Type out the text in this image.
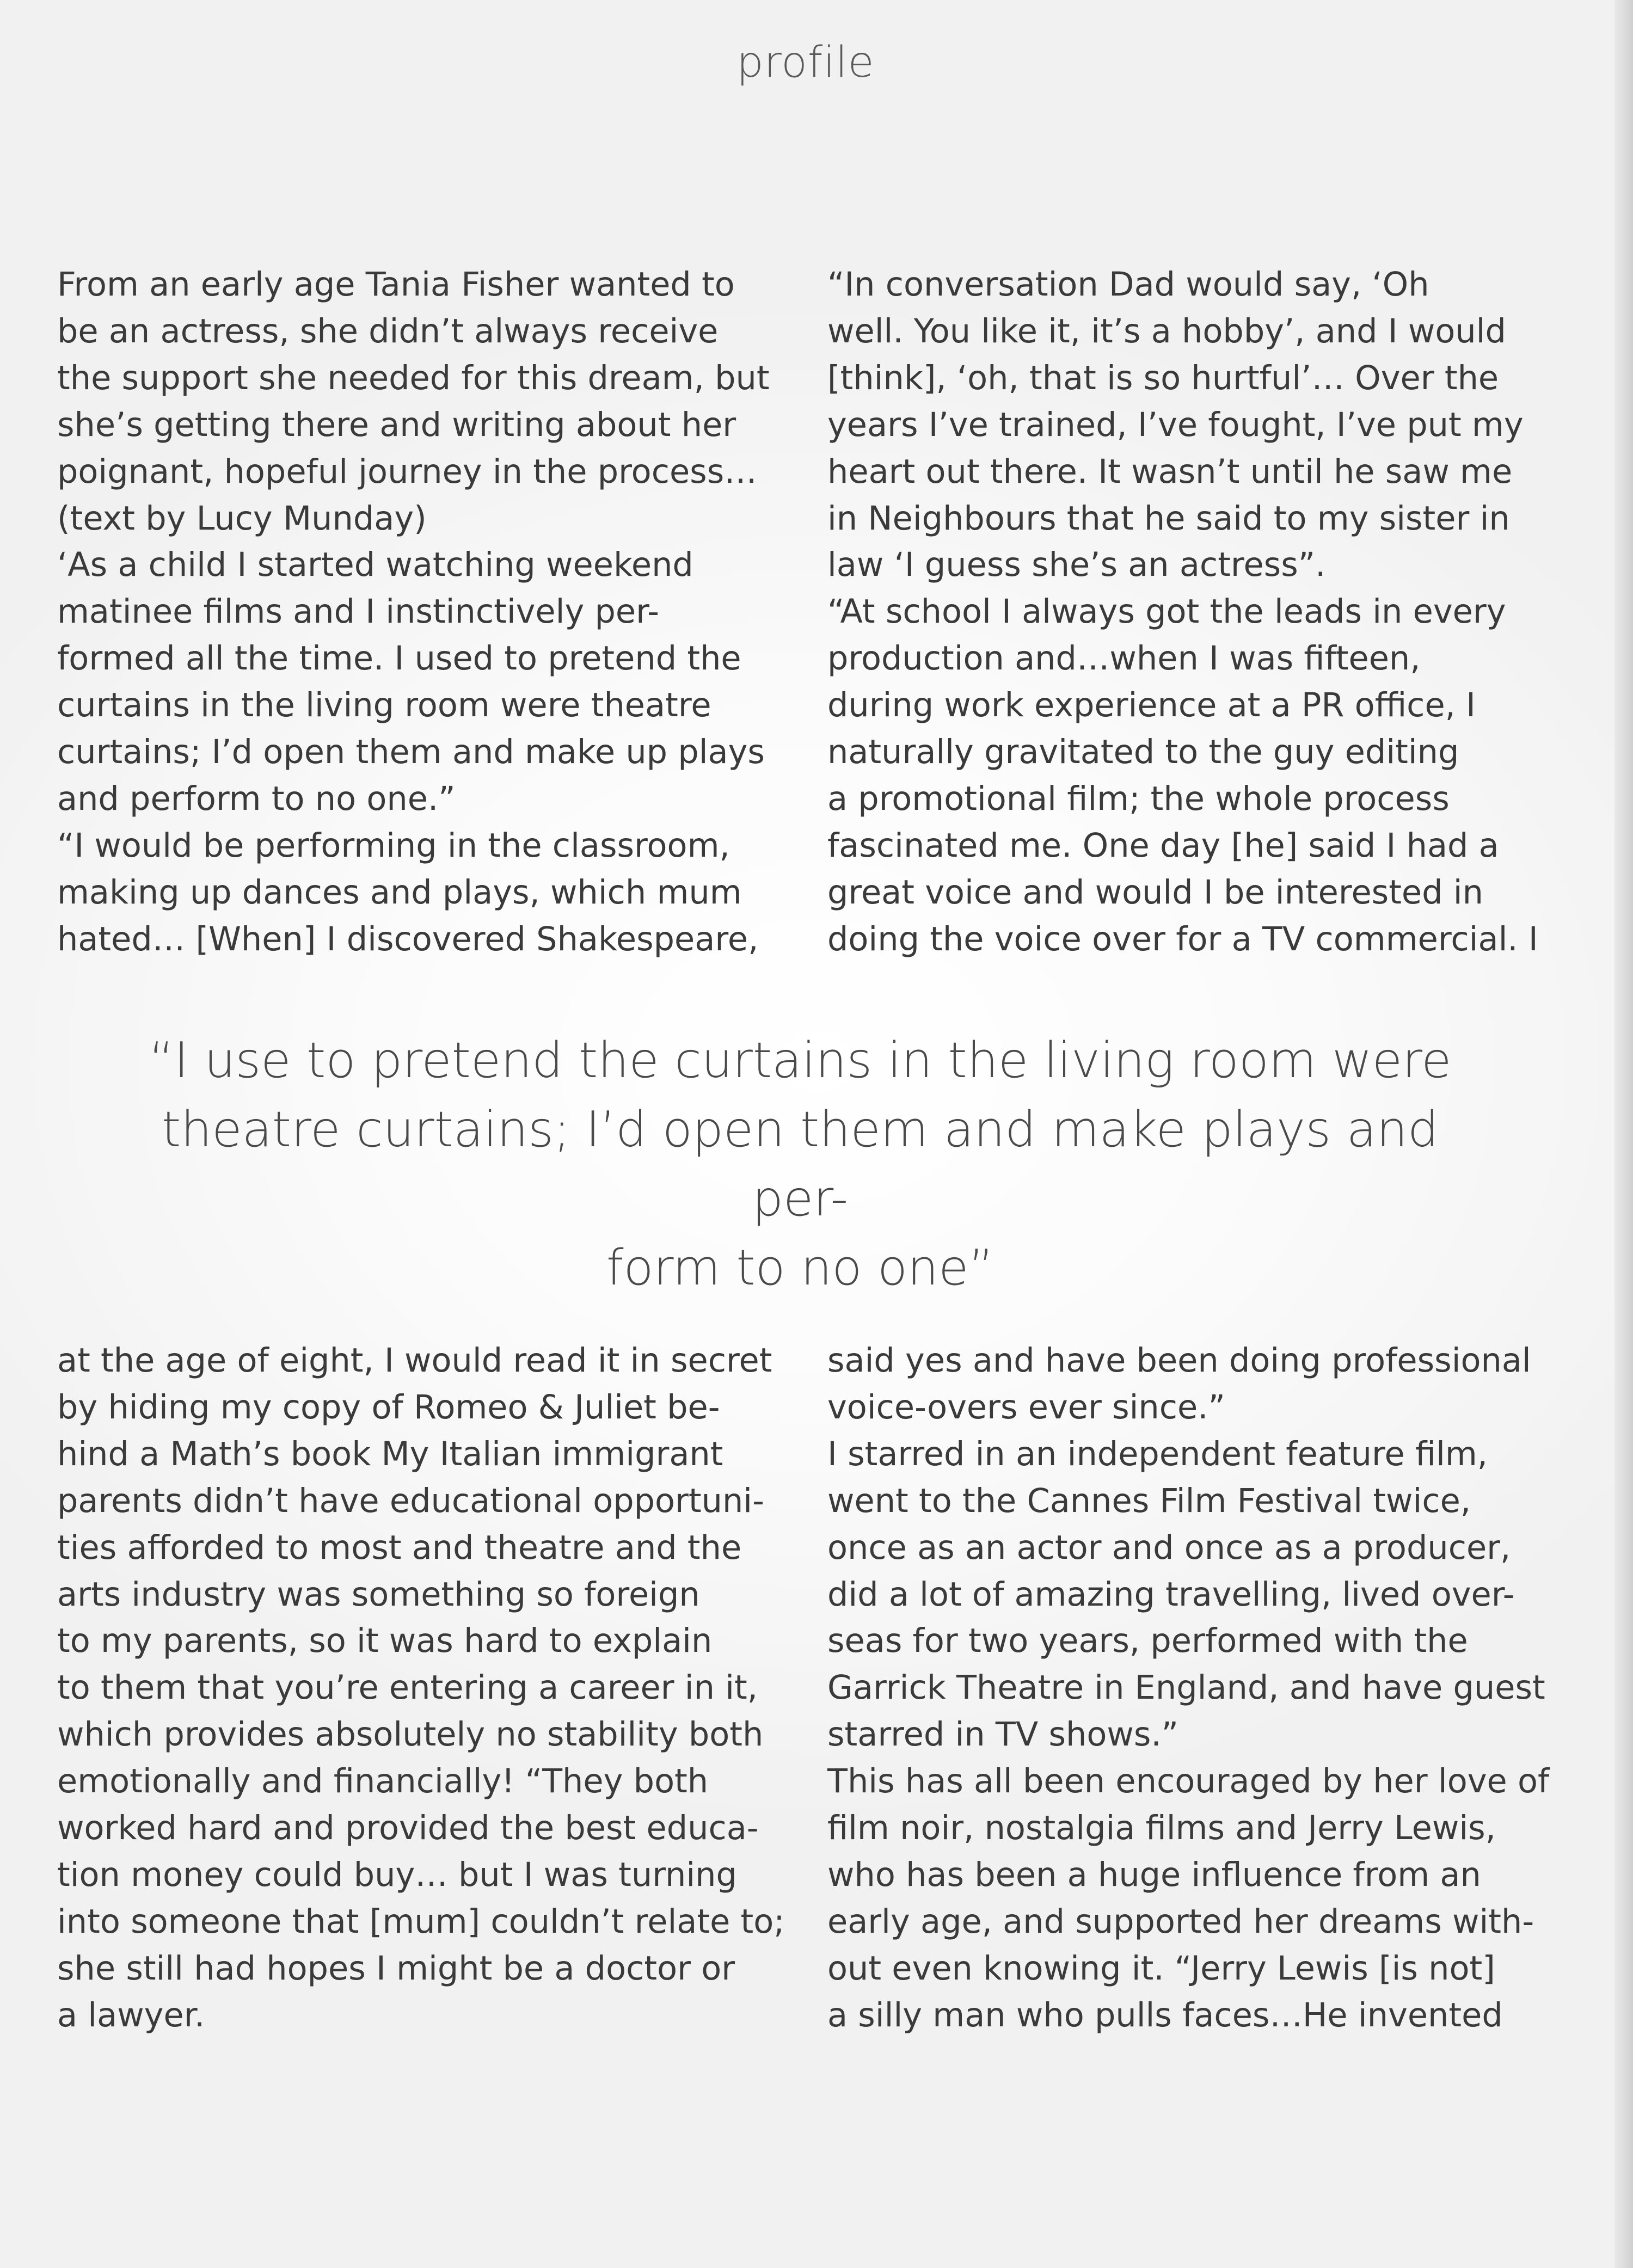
profile

From an early age Tania Fisher wanted to
be an actress, she didn’t always receive
the support she needed for this dream, but
she’s getting there and writing about her
poignant, hopeful journey in the process…
(text by Lucy Munday)
‘As a child I started watching weekend
matinee films and I instinctively per-
formed all the time. I used to pretend the
curtains in the living room were theatre
curtains; I’d open them and make up plays
and perform to no one.”
“I would be performing in the classroom,
making up dances and plays, which mum
hated… [When] I discovered Shakespeare,

“In conversation Dad would say, ‘Oh
well. You like it, it’s a hobby’, and I would
[think], ‘oh, that is so hurtful’… Over the
years I’ve trained, I’ve fought, I’ve put my
heart out there. It wasn’t until he saw me
in Neighbours that he said to my sister in
law ‘I guess she’s an actress”.
“At school I always got the leads in every
production and…when I was fifteen,
during work experience at a PR office, I
naturally gravitated to the guy editing
a promotional film; the whole process
fascinated me. One day [he] said I had a
great voice and would I be interested in
doing the voice over for a TV commercial. I

“I use to pretend the curtains in the living room were
theatre curtains; I’d open them and make plays and per-
form to no one”

at the age of eight, I would read it in secret
by hiding my copy of Romeo & Juliet be-
hind a Math’s book My Italian immigrant
parents didn’t have educational opportuni-
ties afforded to most and theatre and the
arts industry was something so foreign
to my parents, so it was hard to explain
to them that you’re entering a career in it,
which provides absolutely no stability both
emotionally and financially! “They both
worked hard and provided the best educa-
tion money could buy… but I was turning
into someone that [mum] couldn’t relate to;
she still had hopes I might be a doctor or
a lawyer.

said yes and have been doing professional
voice-overs ever since.”
I starred in an independent feature film,
went to the Cannes Film Festival twice,
once as an actor and once as a producer,
did a lot of amazing travelling, lived over-
seas for two years, performed with the
Garrick Theatre in England, and have guest
starred in TV shows.”
This has all been encouraged by her love of
film noir, nostalgia films and Jerry Lewis,
who has been a huge influence from an
early age, and supported her dreams with-
out even knowing it. “Jerry Lewis [is not]
a silly man who pulls faces…He invented
